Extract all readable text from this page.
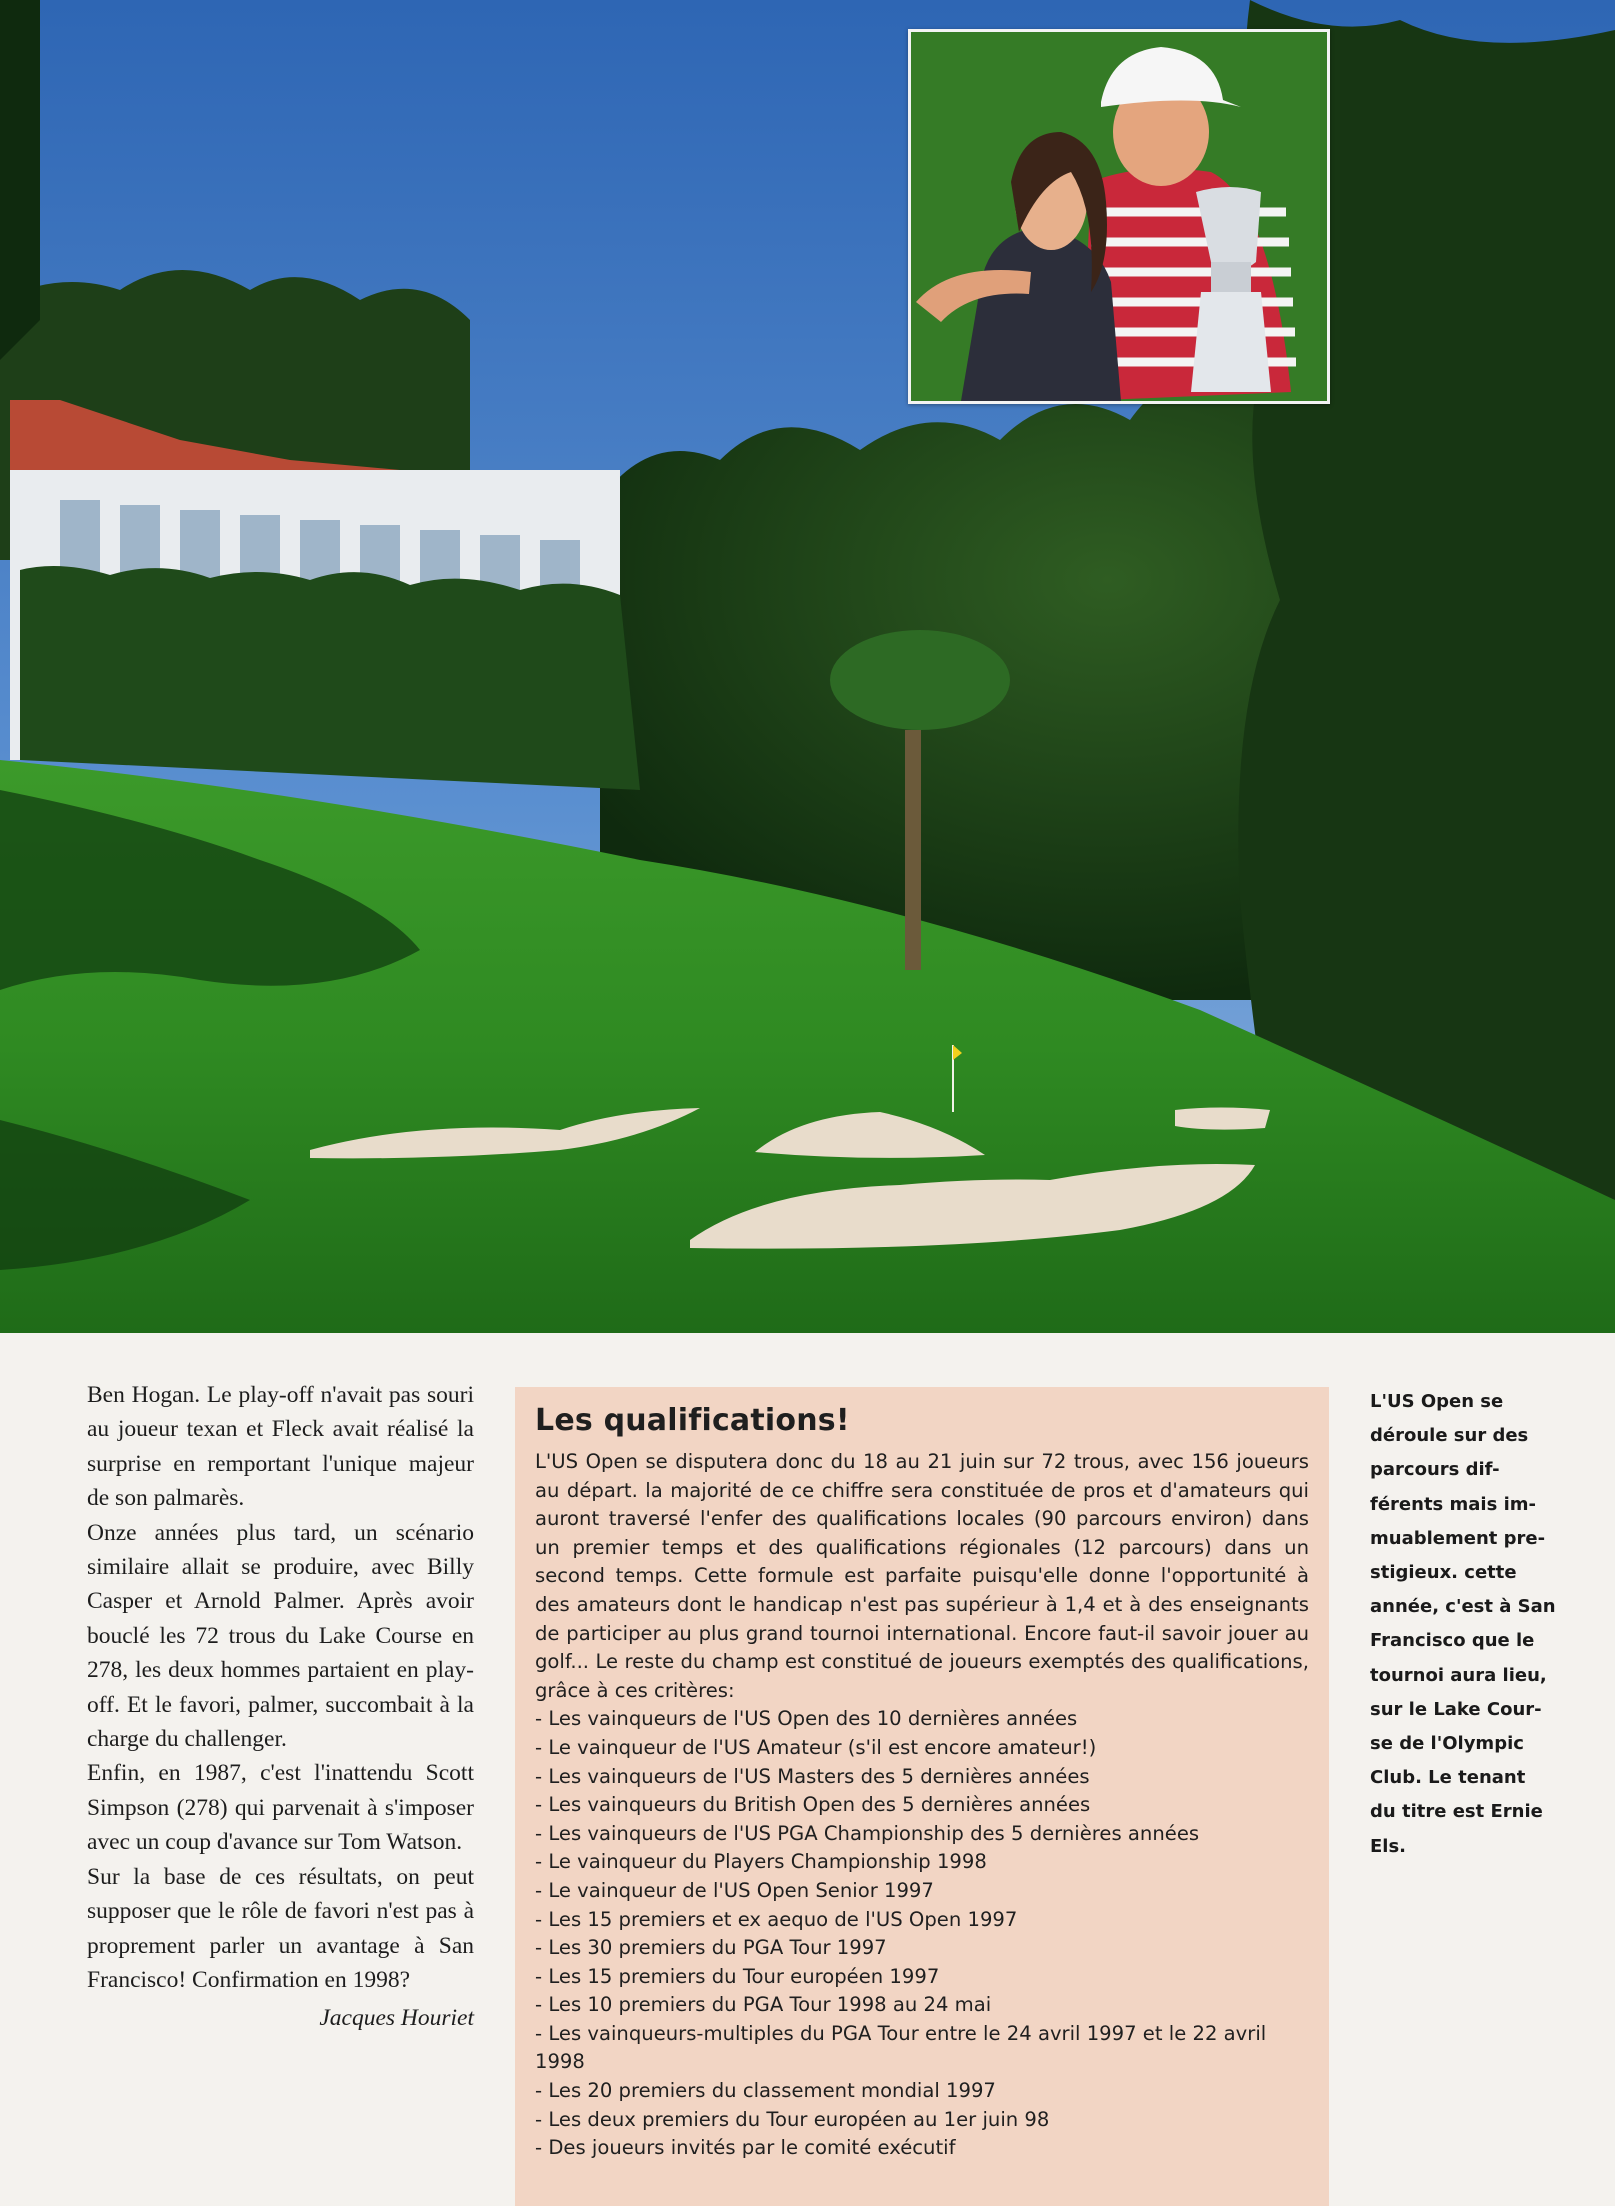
Ben Hogan. Le play-off n'avait pas souri au joueur texan et Fleck avait réalisé la surprise en remportant l'unique majeur de son palmarès.

Onze années plus tard, un scénario similaire allait se produire, avec Billy Casper et Arnold Palmer. Après avoir bouclé les 72 trous du Lake Course en 278, les deux hommes partaient en play-off. Et le favori, palmer, succombait à la charge du challenger.

Enfin, en 1987, c'est l'inattendu Scott Simpson (278) qui parvenait à s'imposer avec un coup d'avance sur Tom Watson.

Sur la base de ces résultats, on peut supposer que le rôle de favori n'est pas à proprement parler un avantage à San Francisco! Confirmation en 1998?

Jacques Houriet

Les qualifications!

L'US Open se disputera donc du 18 au 21 juin sur 72 trous, avec 156 joueurs au départ. la majorité de ce chiffre sera constituée de pros et d'amateurs qui auront traversé l'enfer des qualifications locales (90 parcours environ) dans un premier temps et des qualifications régionales (12 parcours) dans un second temps. Cette formule est parfaite puisqu'elle donne l'opportunité à des amateurs dont le handicap n'est pas supérieur à 1,4 et à des enseignants de participer au plus grand tournoi international. Encore faut-il savoir jouer au golf... Le reste du champ est constitué de joueurs exemptés des qualifications, grâce à ces critères:

- Les vainqueurs de l'US Open des 10 dernières années
- Le vainqueur de l'US Amateur (s'il est encore amateur!)
- Les vainqueurs de l'US Masters des 5 dernières années
- Les vainqueurs du British Open des 5 dernières années
- Les vainqueurs de l'US PGA Championship des 5 dernières années
- Le vainqueur du Players Championship 1998
- Le vainqueur de l'US Open Senior 1997
- Les 15 premiers et ex aequo de l'US Open 1997
- Les 30 premiers du PGA Tour 1997
- Les 15 premiers du Tour européen 1997
- Les 10 premiers du PGA Tour 1998 au 24 mai
- Les vainqueurs-multiples du PGA Tour entre le 24 avril 1997 et le 22 avril 1998
- Les 20 premiers du classement mondial 1997
- Les deux premiers du Tour européen au 1er juin 98
- Des joueurs invités par le comité exécutif

L'US Open se

déroule sur des

parcours dif-

férents mais im-

muablement pre-

stigieux. cette

année, c'est à San

Francisco que le

tournoi aura lieu,

sur le Lake Cour-

se de l'Olympic

Club. Le tenant

du titre est Ernie

Els.
